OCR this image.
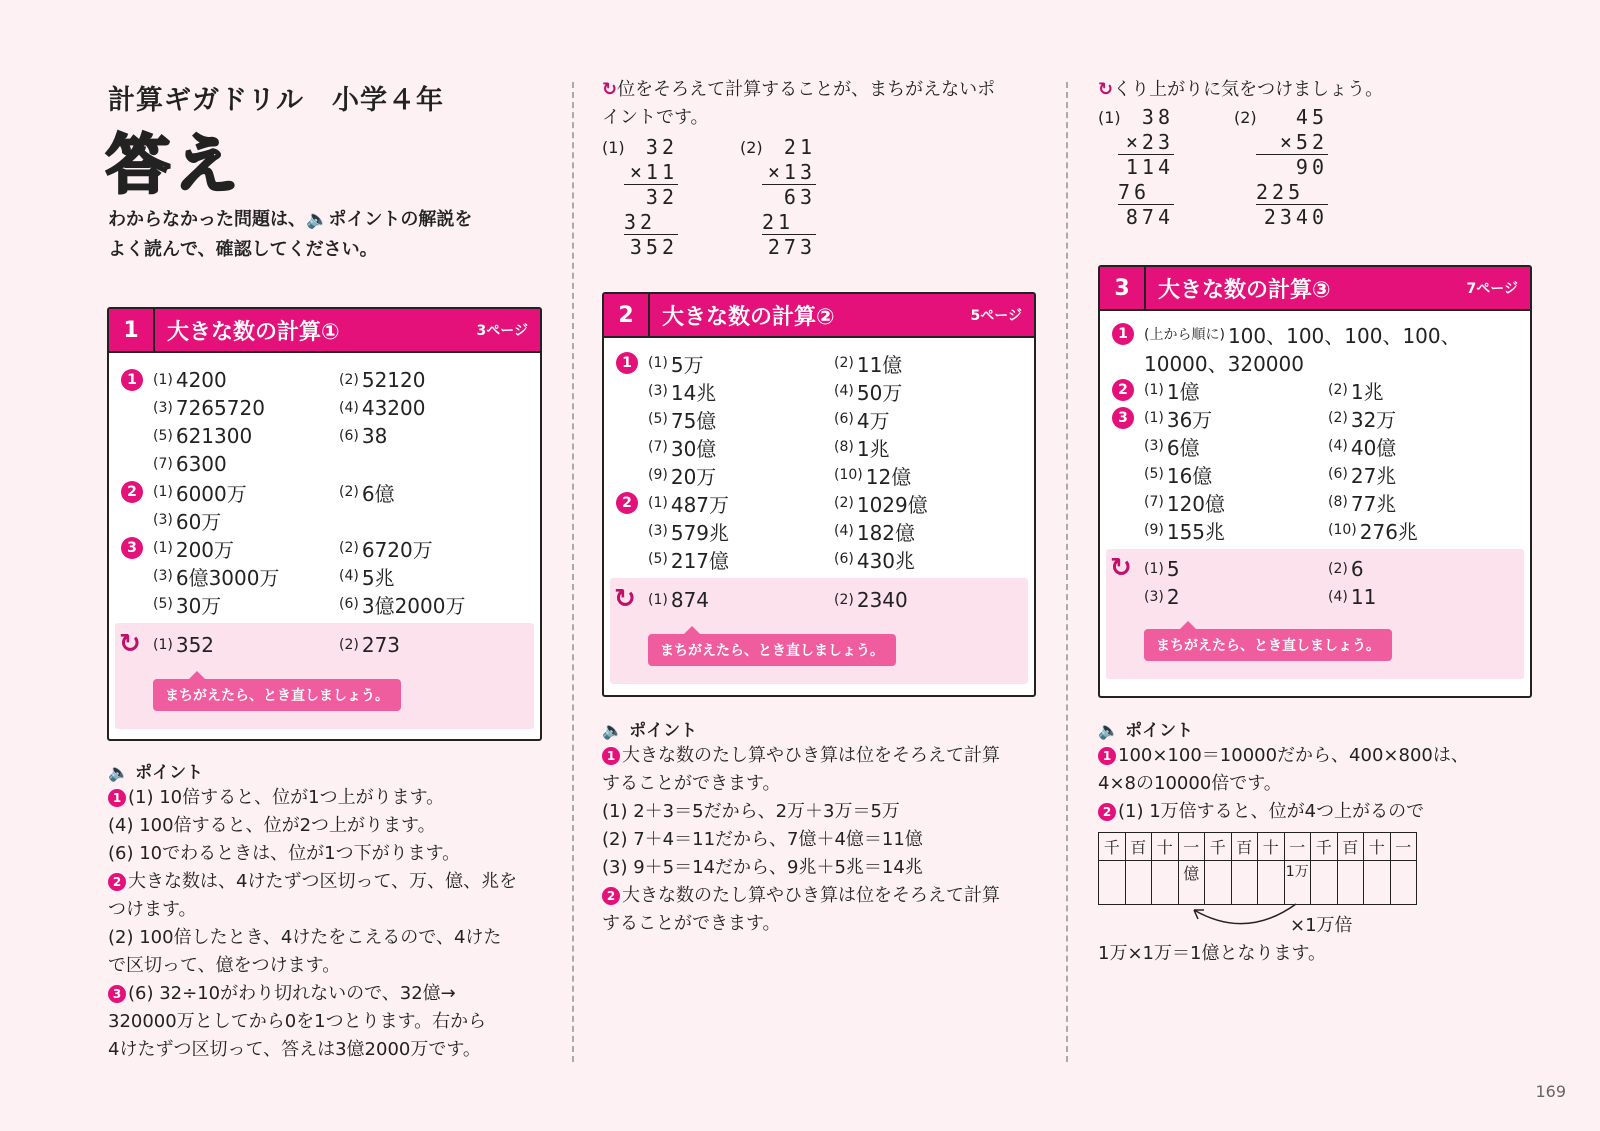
計算ギガドリル　小学４年
答え
わからなかった問題は、🔈ポイントの解説を
よく読んで、確認してください。
1	大きな数の計算①	3ページ
1	(1) 4200	(2) 52120
(3) 7265720	(4) 43200
(5) 621300	(6) 38
(7) 6300
2	(1) 6000万	(2) 6億
(3) 60万
3	(1) 200万	(2) 6720万
(3) 6億3000万	(4) 5兆
(5) 30万	(6) 3億2000万
↻ (1) 352	(2) 273
まちがえたら、とき直しましょう。
2	大きな数の計算②	5ページ
1	(1) 5万	(2) 11億
(3) 14兆	(4) 50万
(5) 75億	(6) 4万
(7) 30億	(8) 1兆
(9) 20万	(10) 12億
2	(1) 487万	(2) 1029億
(3) 579兆	(4) 182億
(5) 217億	(6) 430兆
↻ (1) 874	(2) 2340
まちがえたら、とき直しましょう。
3	大きな数の計算③	7ページ
1	(上から順に) 100、100、100、100、
10000、320000
2	(1) 1億	(2) 1兆
3	(1) 36万	(2) 32万
(3) 6億	(4) 40億
(5) 16億	(6) 27兆
(7) 120億	(8) 77兆
(9) 155兆	(10) 276兆
↻ (1) 5	(2) 6
(3) 2	(4) 11
まちがえたら、とき直しましょう。
↻位をそろえて計算することが、まちがえないポ
イントです。
(1)	32
×11
32
32
352
(2)	21
×13
63
21
273
↻くり上がりに気をつけましょう。
(1)	38
×23
114
76
874
(2)	45
×52
90
225
2340
🔈 ポイント
1 (1) 10倍すると、位が1つ上がります。
(4) 100倍すると、位が2つ上がります。
(6) 10でわるときは、位が1つ下がります。
2 大きな数は、4けたずつ区切って、万、億、兆を
つけます。
(2) 100倍したとき、4けたをこえるので、4けた
で区切って、億をつけます。
3 (6) 32÷10がわり切れないので、32億→
320000万としてから0を1つとります。右から
4けたずつ区切って、答えは3億2000万です。
🔈 ポイント
1 大きな数のたし算やひき算は位をそろえて計算
することができます。
(1) 2＋3＝5だから、2万＋3万＝5万
(2) 7＋4＝11だから、7億＋4億＝11億
(3) 9＋5＝14だから、9兆＋5兆＝14兆
2 大きな数のたし算やひき算は位をそろえて計算
することができます。
🔈 ポイント
1 100×100＝10000だから、400×800は、
4×8の10000倍です。
2 (1) 1万倍すると、位が4つ上がるので
千	百	十	一	千	百	十	一	千	百	十	一
			億				1万				
×1万倍
1万×1万＝1億となります。
169
